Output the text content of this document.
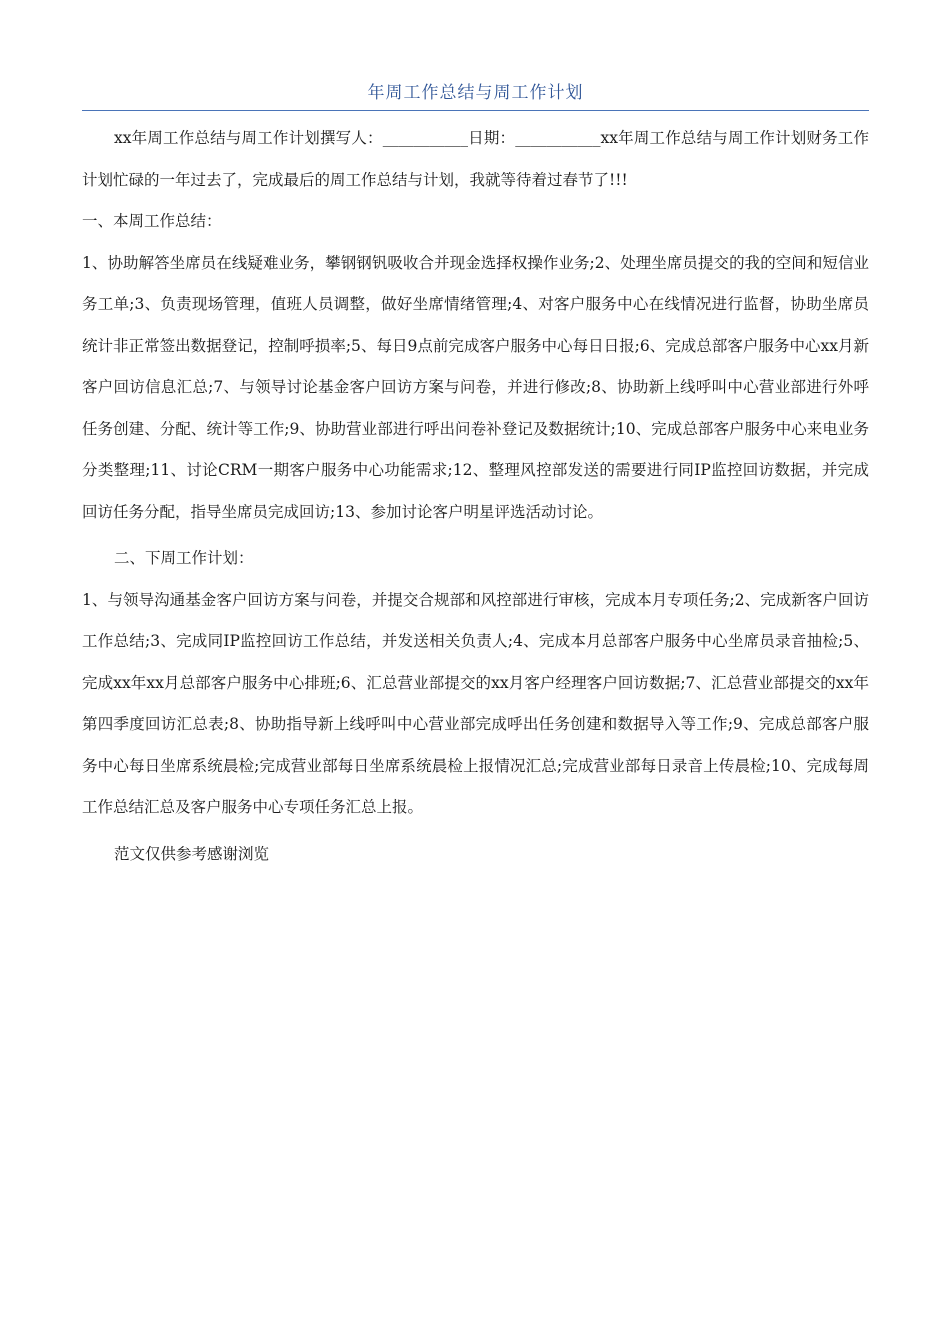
年周工作总结与周工作计划

xx年周工作总结与周工作计划撰写人：___________日期：___________xx年周工作总结与周工作计划财务工作计划忙碌的一年过去了，完成最后的周工作总结与计划，我就等待着过春节了!!!

一、本周工作总结：

1、协助解答坐席员在线疑难业务，攀钢钢钒吸收合并现金选择权操作业务;2、处理坐席员提交的我的空间和短信业务工单;3、负责现场管理，值班人员调整，做好坐席情绪管理;4、对客户服务中心在线情况进行监督，协助坐席员统计非正常签出数据登记，控制呼损率;5、每日9点前完成客户服务中心每日日报;6、完成总部客户服务中心xx月新客户回访信息汇总;7、与领导讨论基金客户回访方案与问卷，并进行修改;8、协助新上线呼叫中心营业部进行外呼任务创建、分配、统计等工作;9、协助营业部进行呼出问卷补登记及数据统计;10、完成总部客户服务中心来电业务分类整理;11、讨论CRM一期客户服务中心功能需求;12、整理风控部发送的需要进行同IP监控回访数据，并完成回访任务分配，指导坐席员完成回访;13、参加讨论客户明星评选活动讨论。

二、下周工作计划：

1、与领导沟通基金客户回访方案与问卷，并提交合规部和风控部进行审核，完成本月专项任务;2、完成新客户回访工作总结;3、完成同IP监控回访工作总结，并发送相关负责人;4、完成本月总部客户服务中心坐席员录音抽检;5、完成xx年xx月总部客户服务中心排班;6、汇总营业部提交的xx月客户经理客户回访数据;7、汇总营业部提交的xx年第四季度回访汇总表;8、协助指导新上线呼叫中心营业部完成呼出任务创建和数据导入等工作;9、完成总部客户服务中心每日坐席系统晨检;完成营业部每日坐席系统晨检上报情况汇总;完成营业部每日录音上传晨检;10、完成每周工作总结汇总及客户服务中心专项任务汇总上报。

范文仅供参考感谢浏览
